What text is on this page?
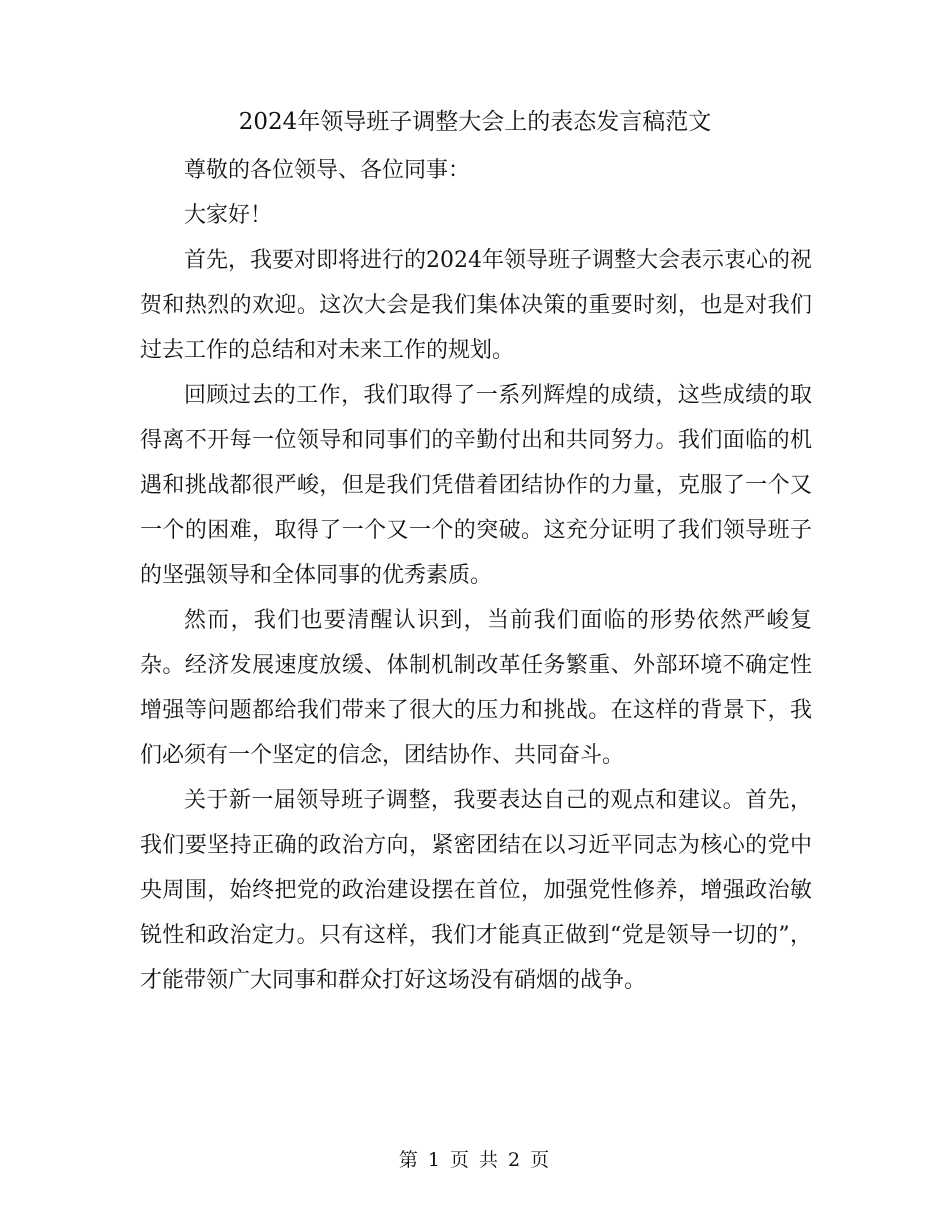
2024年领导班子调整大会上的表态发言稿范文

尊敬的各位领导、各位同事：

大家好！

首先，我要对即将进行的2024年领导班子调整大会表示衷心的祝贺和热烈的欢迎。这次大会是我们集体决策的重要时刻，也是对我们过去工作的总结和对未来工作的规划。

回顾过去的工作，我们取得了一系列辉煌的成绩，这些成绩的取得离不开每一位领导和同事们的辛勤付出和共同努力。我们面临的机遇和挑战都很严峻，但是我们凭借着团结协作的力量，克服了一个又一个的困难，取得了一个又一个的突破。这充分证明了我们领导班子的坚强领导和全体同事的优秀素质。

然而，我们也要清醒认识到，当前我们面临的形势依然严峻复杂。经济发展速度放缓、体制机制改革任务繁重、外部环境不确定性增强等问题都给我们带来了很大的压力和挑战。在这样的背景下，我们必须有一个坚定的信念，团结协作、共同奋斗。

关于新一届领导班子调整，我要表达自己的观点和建议。首先，我们要坚持正确的政治方向，紧密团结在以习近平同志为核心的党中央周围，始终把党的政治建设摆在首位，加强党性修养，增强政治敏锐性和政治定力。只有这样，我们才能真正做到“党是领导一切的”，才能带领广大同事和群众打好这场没有硝烟的战争。

第 1 页 共 2 页
